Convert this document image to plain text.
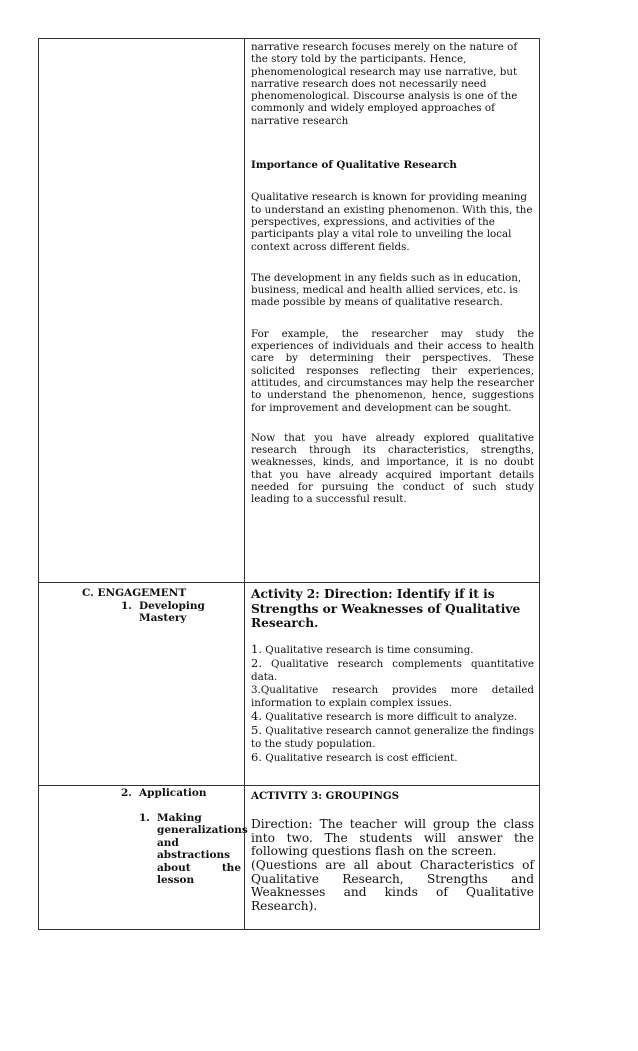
narrative research focuses merely on the nature of the story told by the participants. Hence, phenomenological research may use narrative, but narrative research does not necessarily need phenomenological. Discourse analysis is one of the commonly and widely employed approaches of narrative research

Importance of Qualitative Research

Qualitative research is known for providing meaning to understand an existing phenomenon. With this, the perspectives, expressions, and activities of the participants play a vital role to unveiling the local context across different fields.

The development in any fields such as in education, business, medical and health allied services, etc. is made possible by means of qualitative research.

For example, the researcher may study the experiences of individuals and their access to health care by determining their perspectives. These solicited responses reflecting their experiences, attitudes, and circumstances may help the researcher to understand the phenomenon, hence, suggestions for improvement and development can be sought.

Now that you have already explored qualitative research through its characteristics, strengths, weaknesses, kinds, and importance, it is no doubt that you have already acquired important details needed for pursuing the conduct of such study leading to a successful result.

C. ENGAGEMENT
1. Developing
Mastery

Activity 2: Direction: Identify if it is Strengths or Weaknesses of Qualitative Research.

1. Qualitative research is time consuming.

2. Qualitative research complements quantitative data.

3.Qualitative research provides more detailed information to explain complex issues.

4. Qualitative research is more difficult to analyze.

5. Qualitative research cannot generalize the findings to the study population.

6. Qualitative research is cost efficient.

2. Application
1. Making generalizations and abstractions about the lesson

ACTIVITY 3: GROUPINGS

Direction: The teacher will group the class into two. The students will answer the following questions flash on the screen.

(Questions are all about Characteristics of Qualitative Research, Strengths and Weaknesses and kinds of Qualitative Research).
